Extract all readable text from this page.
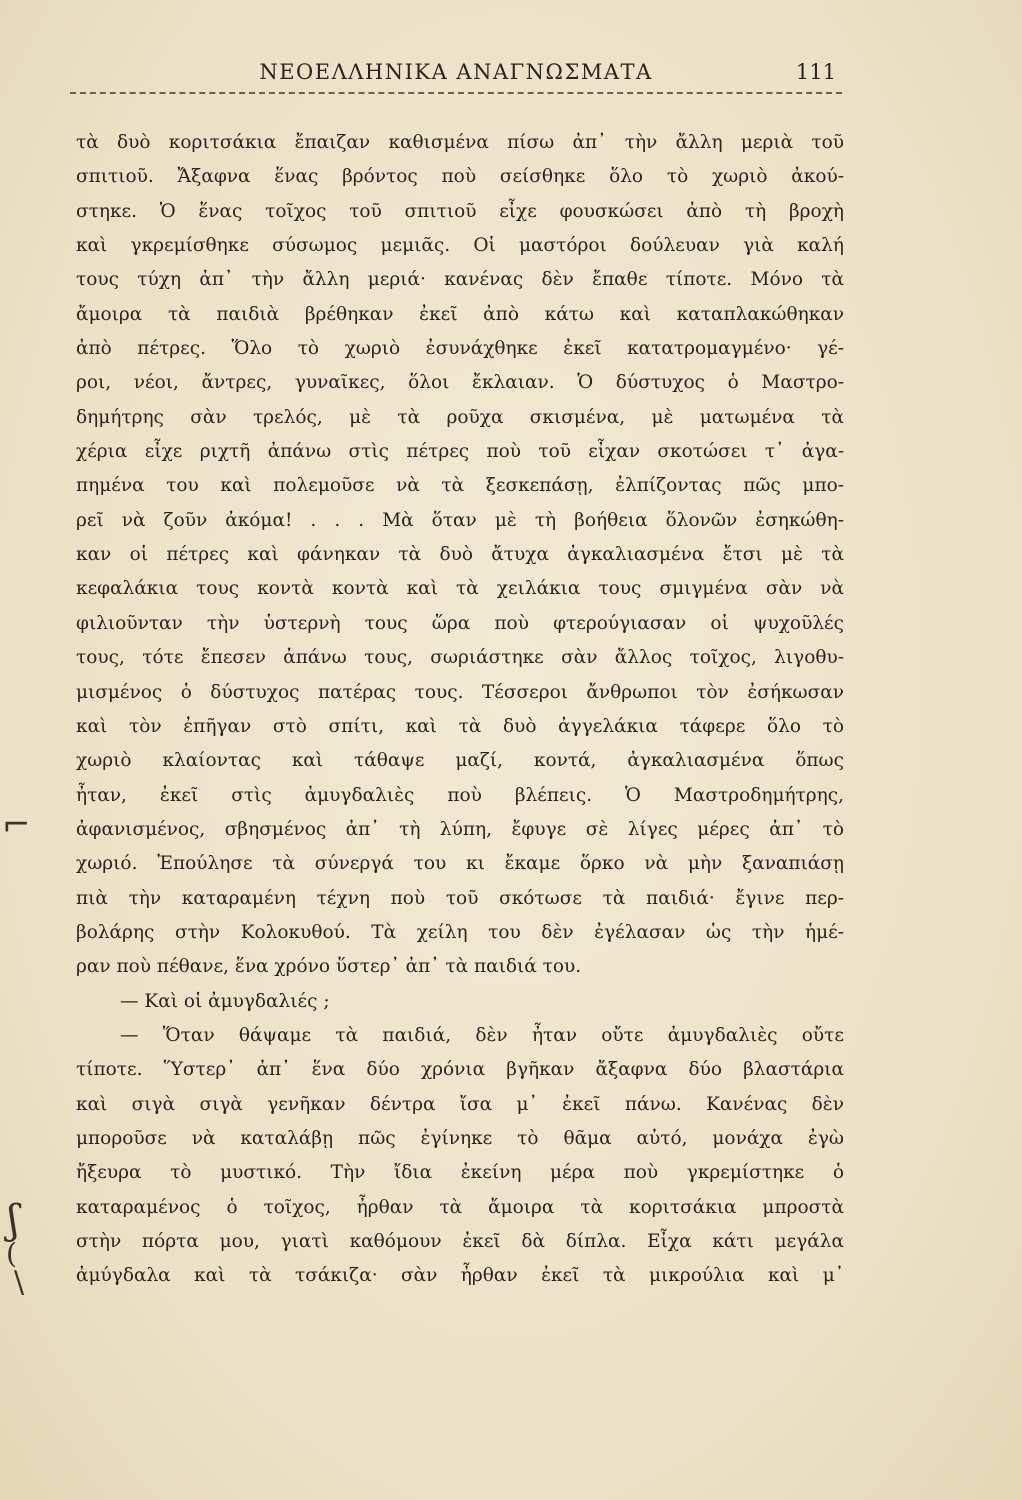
ΝΕΟΕΛΛΗΝΙΚΑ ΑΝΑΓΝΩΣΜΑΤΑ	111
⌐
ʃ
(
\
τὰ δυὸ κοριτσάκια ἔπαιζαν καθισμένα πίσω ἀπ᾽ τὴν ἄλλη μεριὰ τοῦ
σπιτιοῦ. Ἄξαφνα ἕνας βρόντος ποὺ σείσθηκε ὅλο τὸ χωριὸ ἀκού-
στηκε. Ὁ ἕνας τοῖχος τοῦ σπιτιοῦ εἶχε φουσκώσει ἀπὸ τὴ βροχὴ
καὶ γκρεμίσθηκε σύσωμος μεμιᾶς. Οἱ μαστόροι δούλευαν γιὰ καλή
τους τύχη ἀπ᾽ τὴν ἄλλη μεριά· κανένας δὲν ἔπαθε τίποτε. Μόνο τὰ
ἄμοιρα τὰ παιδιὰ βρέθηκαν ἐκεῖ ἀπὸ κάτω καὶ καταπλακώθηκαν
ἀπὸ πέτρες. Ὅλο τὸ χωριὸ ἐσυνάχθηκε ἐκεῖ κατατρομαγμένο· γέ-
ροι, νέοι, ἄντρες, γυναῖκες, ὅλοι ἔκλαιαν. Ὁ δύστυχος ὁ Μαστρο-
δημήτρης σὰν τρελός, μὲ τὰ ροῦχα σκισμένα, μὲ ματωμένα τὰ
χέρια εἶχε ριχτῆ ἀπάνω στὶς πέτρες ποὺ τοῦ εἶχαν σκοτώσει τ᾽ ἀγα-
πημένα του καὶ πολεμοῦσε νὰ τὰ ξεσκεπάσῃ, ἐλπίζοντας πῶς μπο-
ρεῖ νὰ ζοῦν ἀκόμα! . . . Μὰ ὅταν μὲ τὴ βοήθεια ὅλονῶν ἐσηκώθη-
καν οἱ πέτρες καὶ φάνηκαν τὰ δυὸ ἄτυχα ἀγκαλιασμένα ἔτσι μὲ τὰ
κεφαλάκια τους κοντὰ κοντὰ καὶ τὰ χειλάκια τους σμιγμένα σὰν νὰ
φιλιοῦνταν τὴν ὑστερνὴ τους ὥρα ποὺ φτερούγιασαν οἱ ψυχοῦλές
τους, τότε ἔπεσεν ἀπάνω τους, σωριάστηκε σὰν ἄλλος τοῖχος, λιγοθυ-
μισμένος ὁ δύστυχος πατέρας τους. Τέσσεροι ἄνθρωποι τὸν ἐσήκωσαν
καὶ τὸν ἐπῆγαν στὸ σπίτι, καὶ τὰ δυὸ ἀγγελάκια τάφερε ὅλο τὸ
χωριὸ κλαίοντας καὶ τάθαψε μαζί, κοντά, ἀγκαλιασμένα ὅπως
ἦταν, ἐκεῖ στὶς ἀμυγδαλιὲς ποὺ βλέπεις. Ὁ Μαστροδημήτρης,
ἀφανισμένος, σβησμένος ἀπ᾽ τὴ λύπη, ἔφυγε σὲ λίγες μέρες ἀπ᾽ τὸ
χωριό. Ἐπούλησε τὰ σύνεργά του κι ἔκαμε ὅρκο νὰ μὴν ξαναπιάσῃ
πιὰ τὴν καταραμένη τέχνη ποὺ τοῦ σκότωσε τὰ παιδιά· ἔγινε περ-
βολάρης στὴν Κολοκυθού. Τὰ χείλη του δὲν ἐγέλασαν ὡς τὴν ἡμέ-
ραν ποὺ πέθανε, ἕνα χρόνο ὕστερ᾽ ἀπ᾽ τὰ παιδιά του.
— Καὶ οἱ ἀμυγδαλιές ;
— Ὅταν θάψαμε τὰ παιδιά, δὲν ἦταν οὔτε ἀμυγδαλιὲς οὔτε
τίποτε. Ὕστερ᾽ ἀπ᾽ ἕνα δύο χρόνια βγῆκαν ἄξαφνα δύο βλαστάρια
καὶ σιγὰ σιγὰ γενῆκαν δέντρα ἴσα μ᾽ ἐκεῖ πάνω. Κανένας δὲν
μποροῦσε νὰ καταλάβῃ πῶς ἐγίνηκε τὸ θᾶμα αὐτό, μονάχα ἐγὼ
ἤξευρα τὸ μυστικό. Τὴν ἴδια ἐκείνη μέρα ποὺ γκρεμίστηκε ὁ
καταραμένος ὁ τοῖχος, ἦρθαν τὰ ἄμοιρα τὰ κοριτσάκια μπροστὰ
στὴν πόρτα μου, γιατὶ καθόμουν ἐκεῖ δὰ δίπλα. Εἶχα κάτι μεγάλα
ἀμύγδαλα καὶ τὰ τσάκιζα· σὰν ἦρθαν ἐκεῖ τὰ μικρούλια καὶ μ᾽
